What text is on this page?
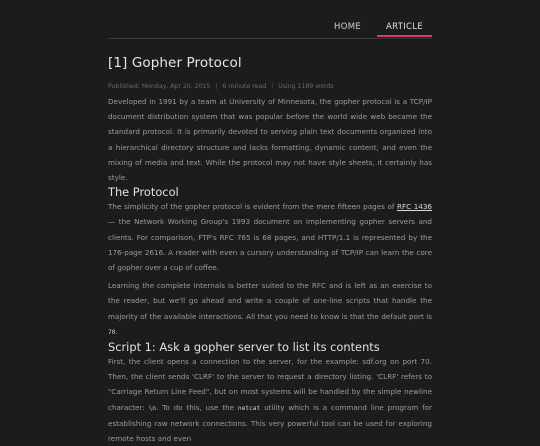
HOME	ARTICLE
[1] Gopher Protocol
Published: Monday, Apr 20, 2015 | 6 minute read | Using 1189 words

Developed in 1991 by a team at University of Minnesota, the gopher protocol is a TCP/IP document distribution system that was popular before the world wide web became the standard protocol. It is primarily devoted to serving plain text documents organized into a hierarchical directory structure and lacks formatting, dynamic content, and even the mixing of media and text. While the protocol may not have style sheets, it certainly has style.

The Protocol

The simplicity of the gopher protocol is evident from the mere fifteen pages of RFC 1436 — the Network Working Group's 1993 document on implementing gopher servers and clients. For comparison, FTP's RFC 765 is 68 pages, and HTTP/1.1 is represented by the 176-page 2616. A reader with even a cursory understanding of TCP/IP can learn the core of gopher over a cup of coffee.

Learning the complete internals is better suited to the RFC and is left as an exercise to the reader, but we'll go ahead and write a couple of one-line scripts that handle the majority of the available interactions. All that you need to know is that the default port is 70.

Script 1: Ask a gopher server to list its contents

First, the client opens a connection to the server, for the example: sdf.org on port 70. Then, the client sends 'CLRF' to the server to request a directory listing. 'CLRF' refers to "Carriage Return Line Feed", but on most systems will be handled by the simple newline character: \n. To do this, use the netcat utility which is a command line program for establishing raw network connections. This very powerful tool can be used for exploring remote hosts and even
